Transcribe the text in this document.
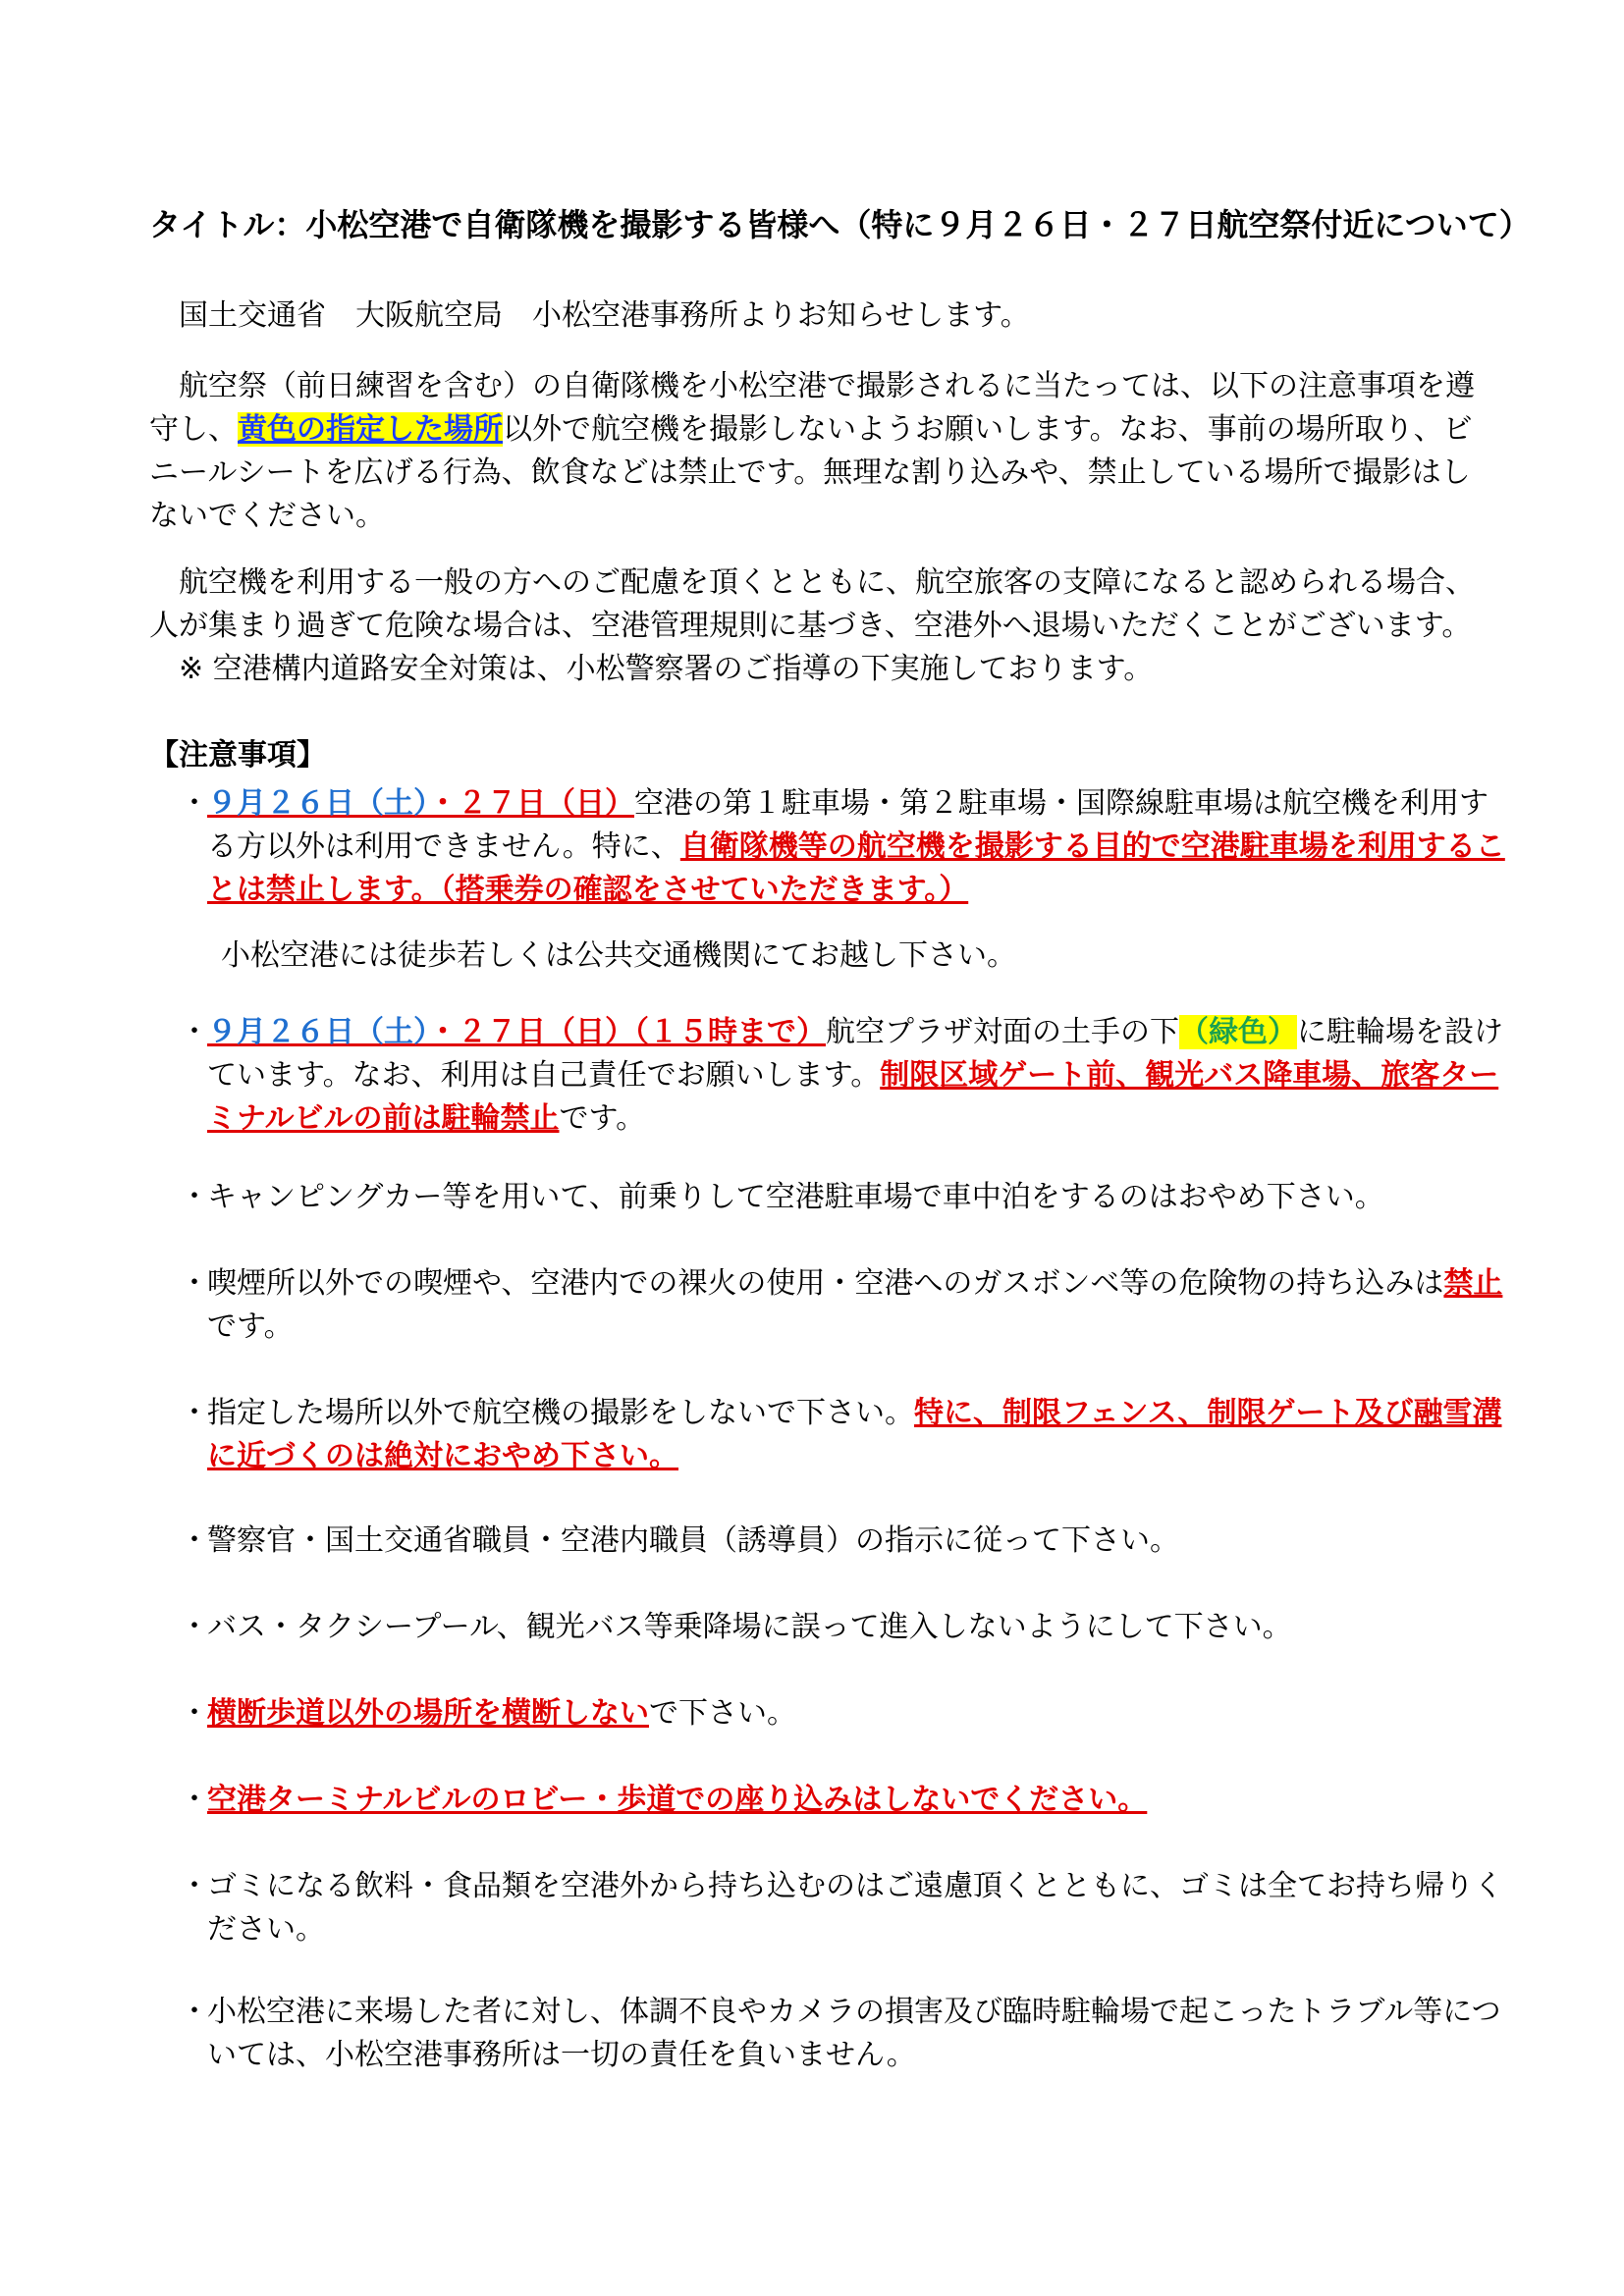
タイトル：小松空港で自衛隊機を撮影する皆様へ（特に９月２６日・２７日航空祭付近について）
国土交通省　大阪航空局　小松空港事務所よりお知らせします。
航空祭（前日練習を含む）の自衛隊機を小松空港で撮影されるに当たっては、以下の注意事項を遵守し、黄色の指定した場所以外で航空機を撮影しないようお願いします。なお、事前の場所取り、ビニールシートを広げる行為、飲食などは禁止です。無理な割り込みや、禁止している場所で撮影はしないでください。
航空機を利用する一般の方へのご配慮を頂くとともに、航空旅客の支障になると認められる場合、人が集まり過ぎて危険な場合は、空港管理規則に基づき、空港外へ退場いただくことがございます。
※ 空港構内道路安全対策は、小松警察署のご指導の下実施しております。
【注意事項】
・９月２６日（土）・２７日（日）空港の第１駐車場・第２駐車場・国際線駐車場は航空機を利用する方以外は利用できません。特に、自衛隊機等の航空機を撮影する目的で空港駐車場を利用することは禁止します。（搭乗券の確認をさせていただきます。）
小松空港には徒歩若しくは公共交通機関にてお越し下さい。
・９月２６日（土）・２７日（日）（１５時まで）航空プラザ対面の土手の下（緑色）に駐輪場を設けています。なお、利用は自己責任でお願いします。制限区域ゲート前、観光バス降車場、旅客ターミナルビルの前は駐輪禁止です。
・キャンピングカー等を用いて、前乗りして空港駐車場で車中泊をするのはおやめ下さい。
・喫煙所以外での喫煙や、空港内での裸火の使用・空港へのガスボンベ等の危険物の持ち込みは禁止です。
・指定した場所以外で航空機の撮影をしないで下さい。特に、制限フェンス、制限ゲート及び融雪溝に近づくのは絶対におやめ下さい。
・警察官・国土交通省職員・空港内職員（誘導員）の指示に従って下さい。
・バス・タクシープール、観光バス等乗降場に誤って進入しないようにして下さい。
・横断歩道以外の場所を横断しないで下さい。
・空港ターミナルビルのロビー・歩道での座り込みはしないでください。
・ゴミになる飲料・食品類を空港外から持ち込むのはご遠慮頂くとともに、ゴミは全てお持ち帰りください。
・小松空港に来場した者に対し、体調不良やカメラの損害及び臨時駐輪場で起こったトラブル等については、小松空港事務所は一切の責任を負いません。
